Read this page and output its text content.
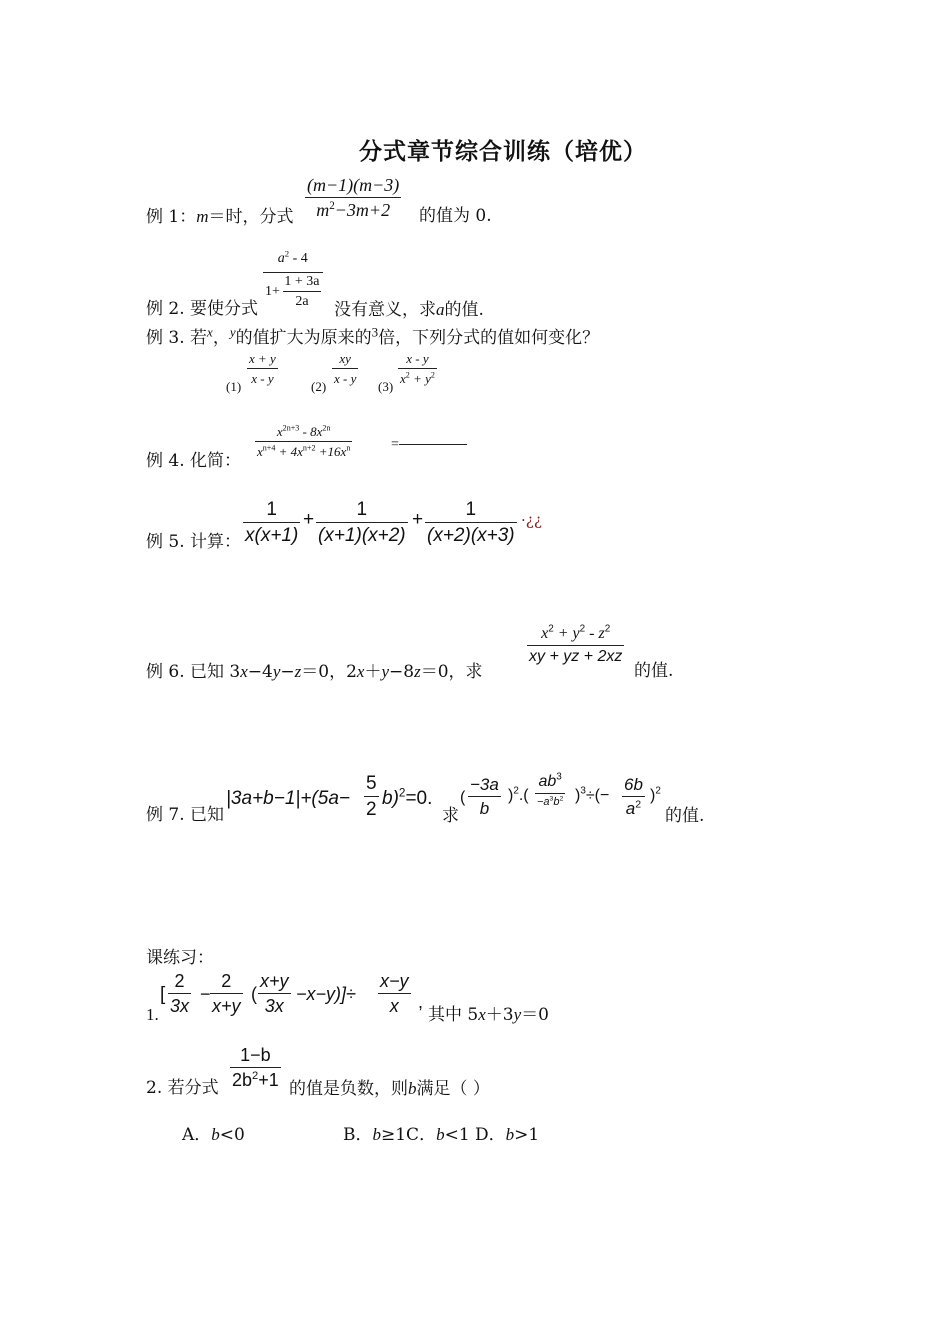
分式章节综合训练（培优）
例 1：m＝时，分式 $\frac{(m-1)(m-3)}{m^2-3m+2}$ 的值为 0.
例 2. 要使分式 $\frac{a^2 - 4}{1+ \frac{1 + 3a}{2a}}$
没有意义，求a的值.
例 3. 若$^x$，$^y$的值扩大为原来的$^3$倍，下列分式的值如何变化？
(1)
$\frac{x + y}{x - y}$
(2)
$\frac{xy}{x - y}$
(3)
$\frac{x - y}{x^2 + y^2}$
例 4. 化简：
$\frac{x^{2n+3} - 8x^{2n}}{x^{n+4} + 4x^{n+2} +16x^n}$	=
例 5. 计算： $\frac{1}{x(x+1)} + \frac{1}{(x+1)(x+2)} + \frac{1}{(x+2)(x+3)}$ ·¿¿
例 6. 已知 3x−4y−z＝0，2x＋y−8z＝0，求
$\frac{x^2 + y^2 - z^2}{xy + yz + 2xz}$
的值.
例 7. 已知
$|3a+b-1|+(5a- \frac{5}{2} b)^2=0$.
求
( $\frac{-3a}{b} )^2$.(
$ab^3$
$-a^3b^2$ )$^3\div(- \frac{6b}{a^2} )^2$
的值.
课练习：
1.
[ $\frac{2}{3x} - \frac{2}{x+y}$ ( $\frac{x+y}{3x} -x-y)]\div \frac{x-y}{x}$ ,
其中 5x＋3y＝0
2. 若分式 $\frac{1-b}{2b^2+1}$ 的值是负数，则b满足（ ）
A．b<0	B．b≥1C．b<1 D．b>1
